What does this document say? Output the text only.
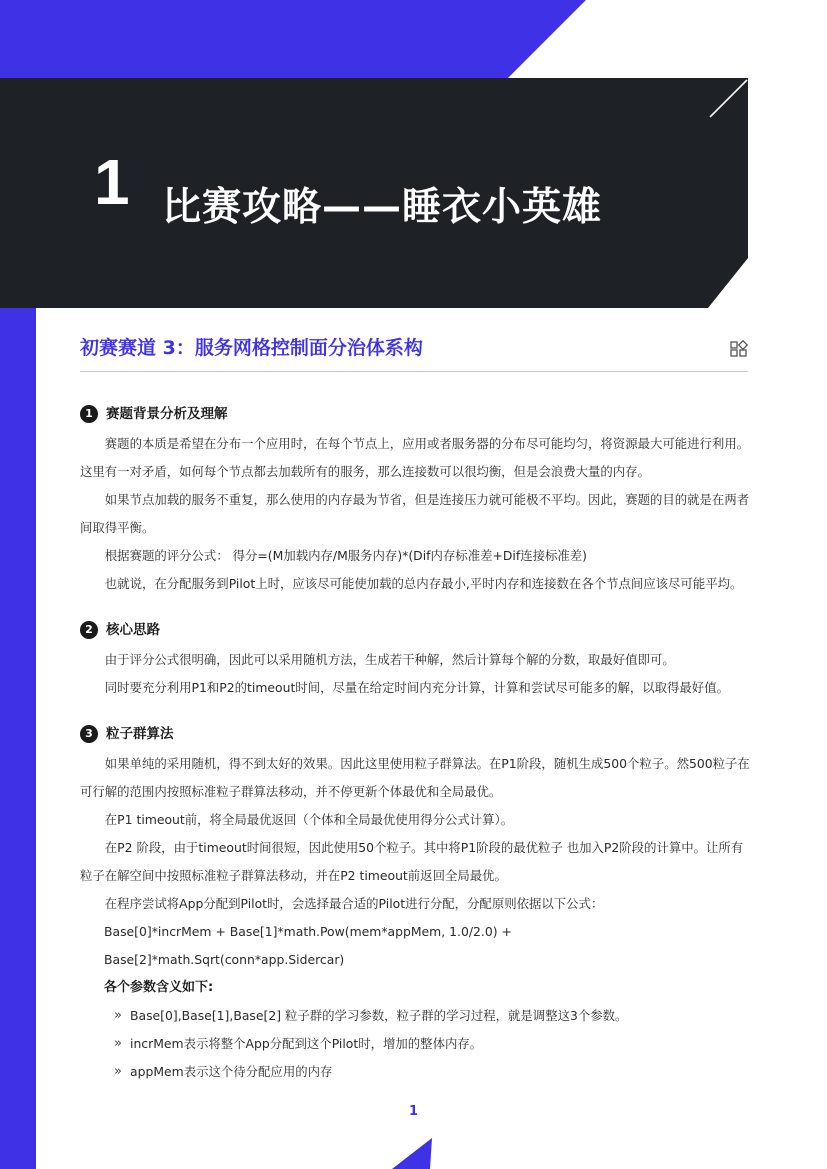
1 比赛攻略——睡衣小英雄
初赛赛道 3：服务网格控制面分治体系构
1 赛题背景分析及理解

赛题的本质是希望在分布一个应用时，在每个节点上，应用或者服务器的分布尽可能均匀，将资源最大可能进行利用。这里有一对矛盾，如何每个节点都去加载所有的服务，那么连接数可以很均衡，但是会浪费大量的内存。

如果节点加载的服务不重复，那么使用的内存最为节省，但是连接压力就可能极不平均。因此，赛题的目的就是在两者间取得平衡。

根据赛题的评分公式： 得分=(M加载内存/M服务内存)*(Dif内存标准差+Dif连接标准差)

也就说，在分配服务到Pilot上时，应该尽可能使加载的总内存最小,平时内存和连接数在各个节点间应该尽可能平均。

2 核心思路

由于评分公式很明确，因此可以采用随机方法，生成若干种解，然后计算每个解的分数，取最好值即可。

同时要充分利用P1和P2的timeout时间，尽量在给定时间内充分计算，计算和尝试尽可能多的解，以取得最好值。

3 粒子群算法

如果单纯的采用随机，得不到太好的效果。因此这里使用粒子群算法。在P1阶段，随机生成500个粒子。然500粒子在可行解的范围内按照标准粒子群算法移动，并不停更新个体最优和全局最优。

在P1 timeout前，将全局最优返回（个体和全局最优使用得分公式计算）。

在P2 阶段，由于timeout时间很短，因此使用50个粒子。其中将P1阶段的最优粒子 也加入P2阶段的计算中。让所有粒子在解空间中按照标准粒子群算法移动，并在P2 timeout前返回全局最优。

在程序尝试将App分配到Pilot时，会选择最合适的Pilot进行分配，分配原则依据以下公式：

Base[0]*incrMem + Base[1]*math.Pow(mem*appMem, 1.0/2.0) + Base[2]*math.Sqrt(conn*app.Sidercar)

各个参数含义如下:
» Base[0],Base[1],Base[2] 粒子群的学习参数，粒子群的学习过程，就是调整这3个参数。
» incrMem表示将整个App分配到这个Pilot时，增加的整体内存。
» appMem表示这个待分配应用的内存
1
